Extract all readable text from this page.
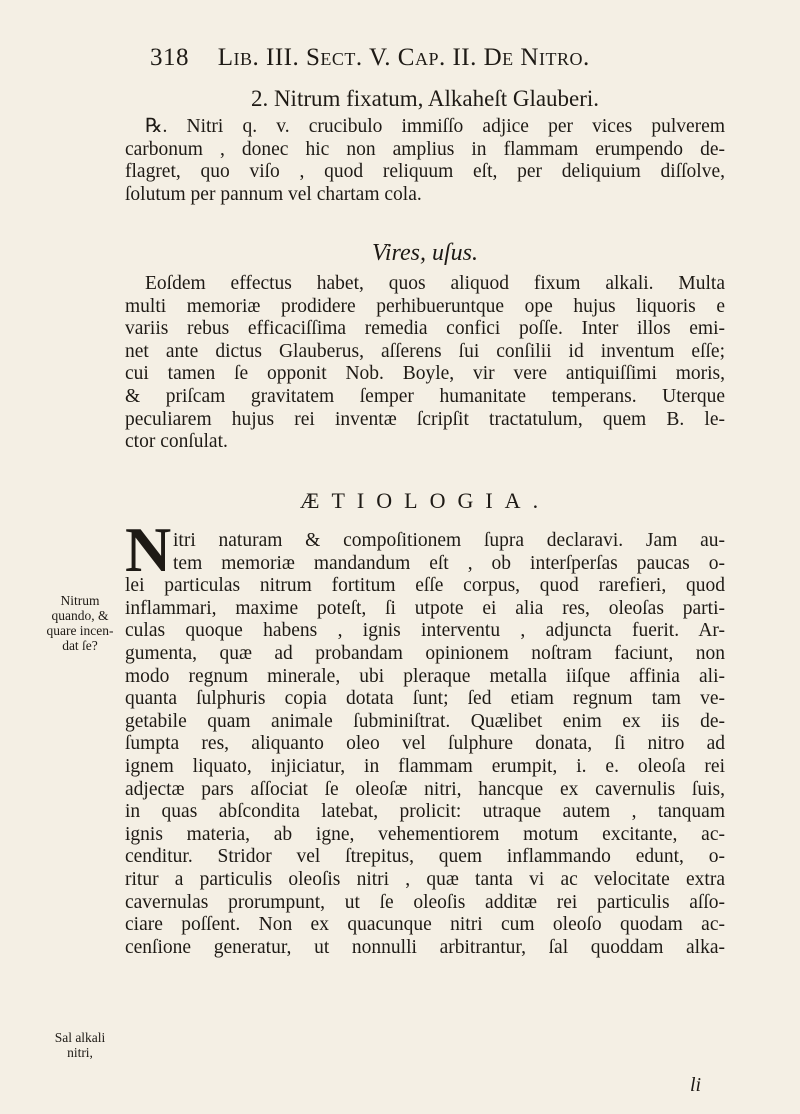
318 Lib. III. Sect. V. Cap. II. De Nitro.
2. Nitrum fixatum, Alkaheſt Glauberi.
℞. Nitri q. v. crucibulo immiſſo adjice per vices pulverem
carbonum , donec hic non amplius in flammam erumpendo de-
flagret, quo viſo , quod reliquum eſt, per deliquium diſſolve,
ſolutum per pannum vel chartam cola.
Vires, uſus.
Eoſdem effectus habet, quos aliquod fixum alkali. Multa
multi memoriæ prodidere perhibueruntque ope hujus liquoris e
variis rebus efficaciſſima remedia confici poſſe. Inter illos emi-
net ante dictus Glauberus, aſſerens ſui conſilii id inventum eſſe;
cui tamen ſe opponit Nob. Boyle, vir vere antiquiſſimi moris,
& priſcam gravitatem ſemper humanitate temperans. Uterque
peculiarem hujus rei inventæ ſcripſit tractatulum, quem B. le-
ctor conſulat.
ÆTIOLOGIA.
N itri naturam & compoſitionem ſupra declaravi. Jam au-
tem memoriæ mandandum eſt , ob interſperſas paucas o-
lei particulas nitrum fortitum eſſe corpus, quod rarefieri, quod
inflammari, maxime poteſt, ſi utpote ei alia res, oleoſas parti-
culas quoque habens , ignis interventu , adjuncta fuerit. Ar-
gumenta, quæ ad probandam opinionem noſtram faciunt, non
modo regnum minerale, ubi pleraque metalla iiſque affinia ali-
quanta ſulphuris copia dotata ſunt; ſed etiam regnum tam ve-
getabile quam animale ſubminiſtrat. Quælibet enim ex iis de-
ſumpta res, aliquanto oleo vel ſulphure donata, ſi nitro ad
ignem liquato, injiciatur, in flammam erumpit, i. e. oleoſa rei
adjectæ pars aſſociat ſe oleoſæ nitri, hancque ex cavernulis ſuis,
in quas abſcondita latebat, prolicit: utraque autem , tanquam
ignis materia, ab igne, vehementiorem motum excitante, ac-
cenditur. Stridor vel ſtrepitus, quem inflammando edunt, o-
ritur a particulis oleoſis nitri , quæ tanta vi ac velocitate extra
cavernulas prorumpunt, ut ſe oleoſis additæ rei particulis aſſo-
ciare poſſent. Non ex quacunque nitri cum oleoſo quodam ac-
cenſione generatur, ut nonnulli arbitrantur, ſal quoddam alka-
Nitrum
quando, &
quare incen-
dat ſe?
Sal alkali
nitri,
li
